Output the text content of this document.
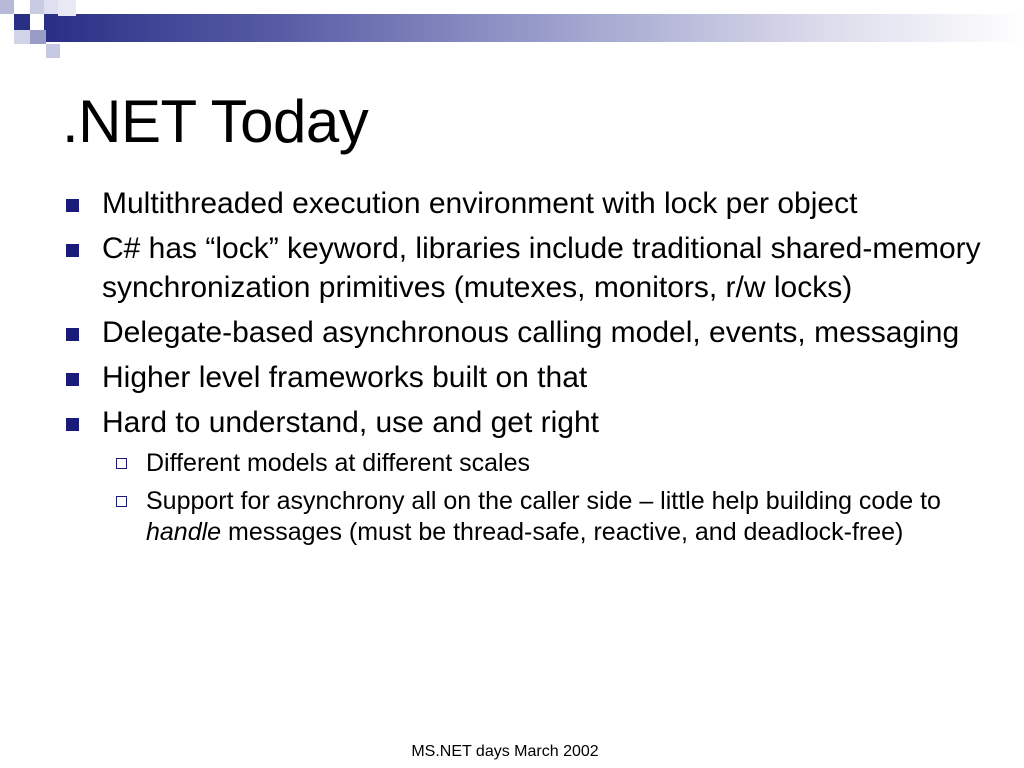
.NET Today
Multithreaded execution environment with lock per object
C# has “lock” keyword, libraries include traditional shared-memory synchronization primitives (mutexes, monitors, r/w locks)
Delegate-based asynchronous calling model, events, messaging
Higher level frameworks built on that
Hard to understand, use and get right
Different models at different scales
Support for asynchrony all on the caller side – little help building code to handle messages (must be thread-safe, reactive, and deadlock-free)
MS.NET days March 2002
